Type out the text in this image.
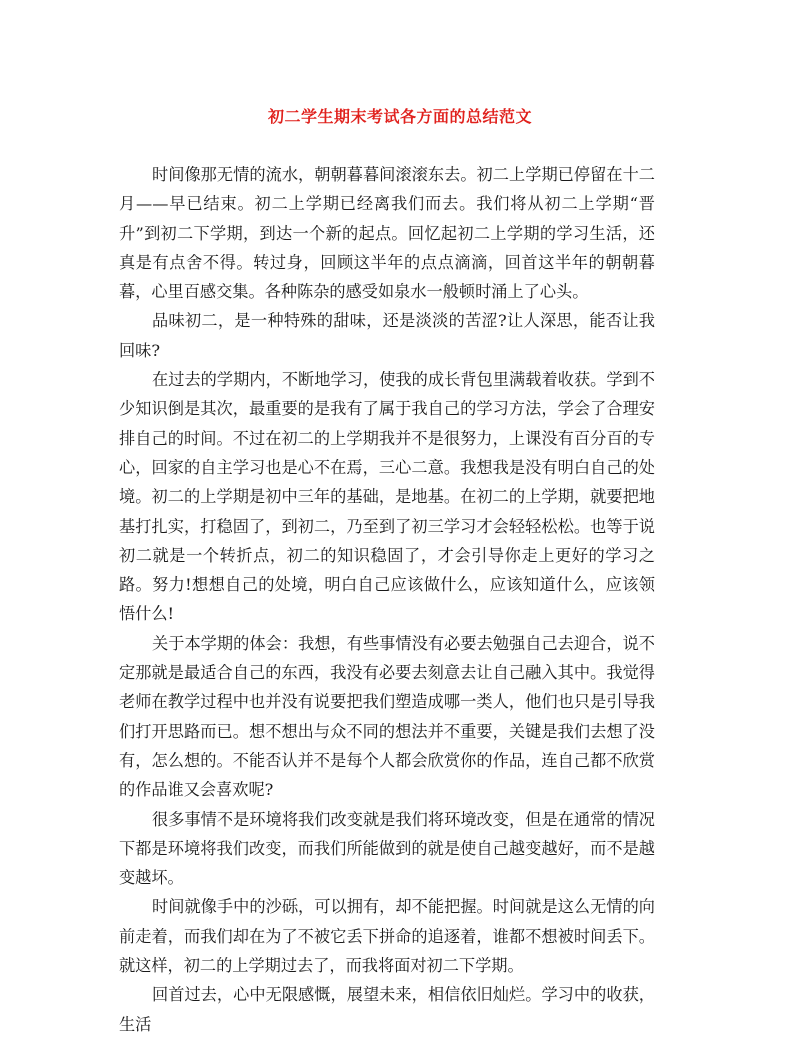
初二学生期末考试各方面的总结范文

时间像那无情的流水，朝朝暮暮间滚滚东去。初二上学期已停留在十二月——早已结束。初二上学期已经离我们而去。我们将从初二上学期“晋升”到初二下学期，到达一个新的起点。回忆起初二上学期的学习生活，还真是有点舍不得。转过身，回顾这半年的点点滴滴，回首这半年的朝朝暮暮，心里百感交集。各种陈杂的感受如泉水一般顿时涌上了心头。

品味初二，是一种特殊的甜味，还是淡淡的苦涩?让人深思，能否让我回味?

在过去的学期内，不断地学习，使我的成长背包里满载着收获。学到不少知识倒是其次，最重要的是我有了属于我自己的学习方法，学会了合理安排自己的时间。不过在初二的上学期我并不是很努力，上课没有百分百的专心，回家的自主学习也是心不在焉，三心二意。我想我是没有明白自己的处境。初二的上学期是初中三年的基础，是地基。在初二的上学期，就要把地基打扎实，打稳固了，到初二，乃至到了初三学习才会轻轻松松。也等于说初二就是一个转折点，初二的知识稳固了，才会引导你走上更好的学习之路。努力!想想自己的处境，明白自己应该做什么，应该知道什么，应该领悟什么!

关于本学期的体会：我想，有些事情没有必要去勉强自己去迎合，说不定那就是最适合自己的东西，我没有必要去刻意去让自己融入其中。我觉得老师在教学过程中也并没有说要把我们塑造成哪一类人，他们也只是引导我们打开思路而已。想不想出与众不同的想法并不重要，关键是我们去想了没有，怎么想的。不能否认并不是每个人都会欣赏你的作品，连自己都不欣赏的作品谁又会喜欢呢?

很多事情不是环境将我们改变就是我们将环境改变，但是在通常的情况下都是环境将我们改变，而我们所能做到的就是使自己越变越好，而不是越变越坏。

时间就像手中的沙砾，可以拥有，却不能把握。时间就是这么无情的向前走着，而我们却在为了不被它丢下拼命的追逐着，谁都不想被时间丢下。就这样，初二的上学期过去了，而我将面对初二下学期。

回首过去，心中无限感慨，展望未来，相信依旧灿烂。学习中的收获，生活
